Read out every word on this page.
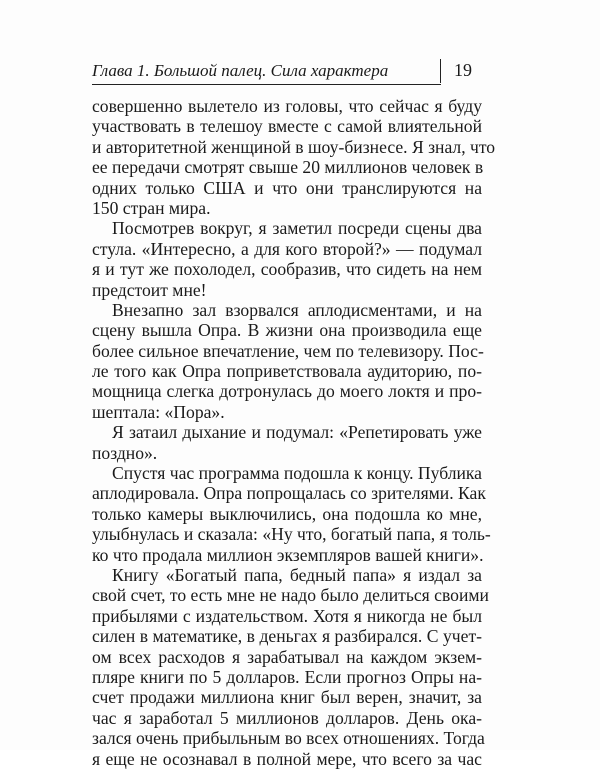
Глава 1. Большой палец. Сила характера	19
совершенно вылетело из головы, что сейчас я буду
участвовать в телешоу вместе с самой влиятельной
и авторитетной женщиной в шоу-бизнесе. Я знал, что
ее передачи смотрят свыше 20 миллионов человек в
одних только США и что они транслируются на
150 стран мира.
Посмотрев вокруг, я заметил посреди сцены два
стула. «Интересно, а для кого второй?» — подумал
я и тут же похолодел, сообразив, что сидеть на нем
предстоит мне!
Внезапно зал взорвался аплодисментами, и на
сцену вышла Опра. В жизни она производила еще
более сильное впечатление, чем по телевизору. Пос-
ле того как Опра поприветствовала аудиторию, по-
мощница слегка дотронулась до моего локтя и про-
шептала: «Пора».
Я затаил дыхание и подумал: «Репетировать уже
поздно».
Спустя час программа подошла к концу. Публика
аплодировала. Опра попрощалась со зрителями. Как
только камеры выключились, она подошла ко мне,
улыбнулась и сказала: «Ну что, богатый папа, я толь-
ко что продала миллион экземпляров вашей книги».
Книгу «Богатый папа, бедный папа» я издал за
свой счет, то есть мне не надо было делиться своими
прибылями с издательством. Хотя я никогда не был
силен в математике, в деньгах я разбирался. С учет-
ом всех расходов я зарабатывал на каждом экзем-
пляре книги по 5 долларов. Если прогноз Опры на-
счет продажи миллиона книг был верен, значит, за
час я заработал 5 миллионов долларов. День ока-
зался очень прибыльным во всех отношениях. Тогда
я еще не осознавал в полной мере, что всего за час
